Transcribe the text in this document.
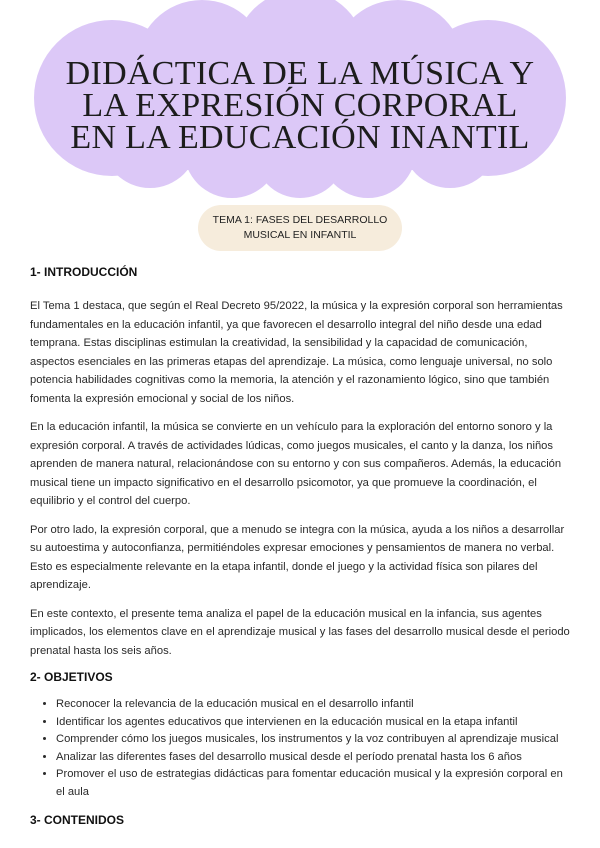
DIDÁCTICA DE LA MÚSICA Y
LA EXPRESIÓN CORPORAL
EN LA EDUCACIÓN INANTIL
TEMA 1: FASES DEL DESARROLLO
MUSICAL EN INFANTIL
1- INTRODUCCIÓN

El Tema 1 destaca, que según el Real Decreto 95/2022, la música y la expresión corporal son herramientas fundamentales en la educación infantil, ya que favorecen el desarrollo integral del niño desde una edad temprana. Estas disciplinas estimulan la creatividad, la sensibilidad y la capacidad de comunicación, aspectos esenciales en las primeras etapas del aprendizaje. La música, como lenguaje universal, no solo potencia habilidades cognitivas como la memoria, la atención y el razonamiento lógico, sino que también fomenta la expresión emocional y social de los niños.

En la educación infantil, la música se convierte en un vehículo para la exploración del entorno sonoro y la expresión corporal. A través de actividades lúdicas, como juegos musicales, el canto y la danza, los niños aprenden de manera natural, relacionándose con su entorno y con sus compañeros. Además, la educación musical tiene un impacto significativo en el desarrollo psicomotor, ya que promueve la coordinación, el equilibrio y el control del cuerpo.

Por otro lado, la expresión corporal, que a menudo se integra con la música, ayuda a los niños a desarrollar su autoestima y autoconfianza, permitiéndoles expresar emociones y pensamientos de manera no verbal. Esto es especialmente relevante en la etapa infantil, donde el juego y la actividad física son pilares del aprendizaje.

En este contexto, el presente tema analiza el papel de la educación musical en la infancia, sus agentes implicados, los elementos clave en el aprendizaje musical y las fases del desarrollo musical desde el periodo prenatal hasta los seis años.

2- OBJETIVOS
• Reconocer la relevancia de la educación musical en el desarrollo infantil
• Identificar los agentes educativos que intervienen en la educación musical en la etapa infantil
• Comprender cómo los juegos musicales, los instrumentos y la voz contribuyen al aprendizaje musical
• Analizar las diferentes fases del desarrollo musical desde el período prenatal hasta los 6 años
• Promover el uso de estrategias didácticas para fomentar educación musical y la expresión corporal en el aula
3- CONTENIDOS
